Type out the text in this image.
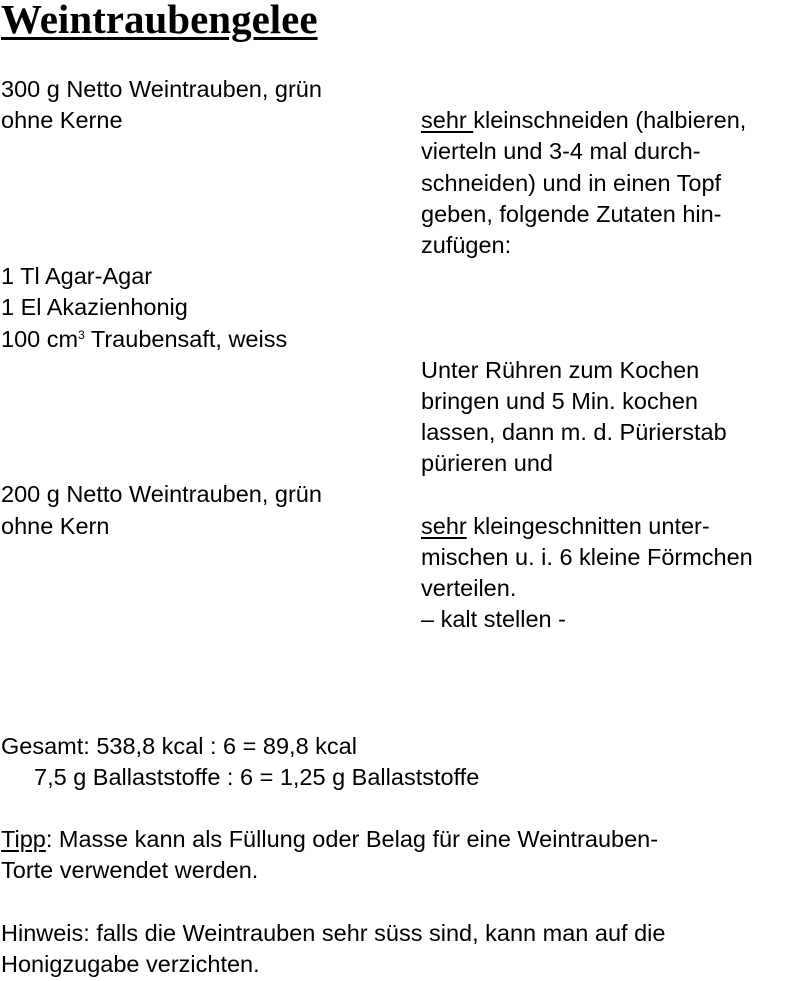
Weintraubengelee
300 g Netto Weintrauben, grün
ohne Kerne	sehr kleinschneiden (halbieren,
vierteln und 3-4 mal durch-
schneiden) und in einen Topf
geben, folgende Zutaten hin-
zufügen:
1 Tl Agar-Agar
1 El Akazienhonig
100 $cm^3$ Traubensaft, weiss
Unter Rühren zum Kochen
bringen und 5 Min. kochen
lassen, dann m. d. Pürierstab
pürieren und
200 g Netto Weintrauben, grün
ohne Kern	sehr kleingeschnitten unter-
mischen u. i. 6 kleine Förmchen
verteilen.
– kalt stellen -
Gesamt: 538,8 kcal : 6 = 89,8 kcal
7,5 g Ballaststoffe : 6 = 1,25 g Ballaststoffe
Tipp: Masse kann als Füllung oder Belag für eine Weintrauben-
Torte verwendet werden.
Hinweis: falls die Weintrauben sehr süss sind, kann man auf die
Honigzugabe verzichten.
